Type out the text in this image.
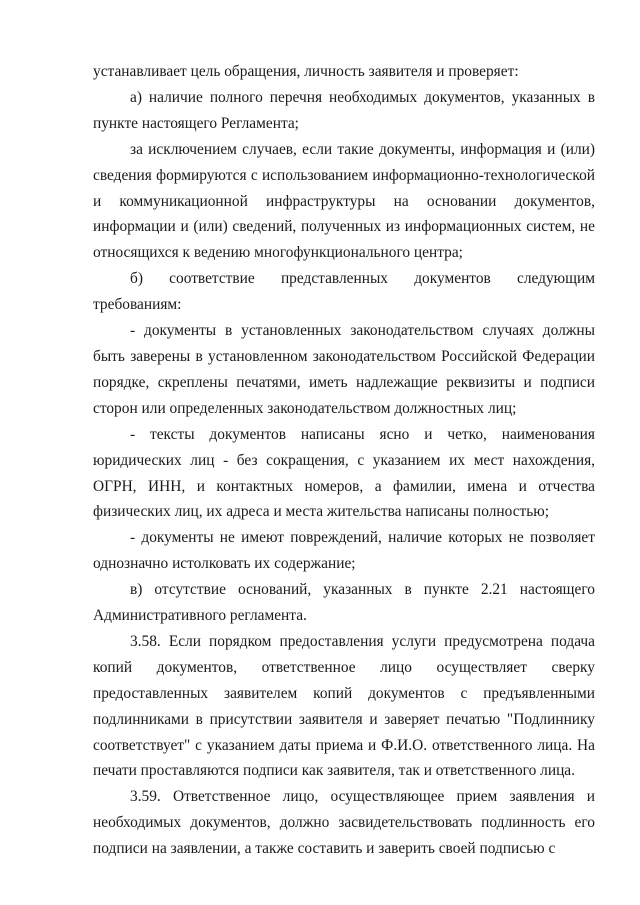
устанавливает цель обращения, личность заявителя и проверяет:

а) наличие полного перечня необходимых документов, указанных в пункте настоящего Регламента;

за исключением случаев, если такие документы, информация и (или) сведения формируются с использованием информационно-технологической и коммуникационной инфраструктуры на основании документов, информации и (или) сведений, полученных из информационных систем, не относящихся к ведению многофункционального центра;

б) соответствие представленных документов следующим требованиям:

- документы в установленных законодательством случаях должны быть заверены в установленном законодательством Российской Федерации порядке, скреплены печатями, иметь надлежащие реквизиты и подписи сторон или определенных законодательством должностных лиц;

- тексты документов написаны ясно и четко, наименования юридических лиц - без сокращения, с указанием их мест нахождения, ОГРН, ИНН, и контактных номеров, а фамилии, имена и отчества физических лиц, их адреса и места жительства написаны полностью;

- документы не имеют повреждений, наличие которых не позволяет однозначно истолковать их содержание;

в) отсутствие оснований, указанных в пункте 2.21 настоящего Административного регламента.

3.58. Если порядком предоставления услуги предусмотрена подача копий документов, ответственное лицо осуществляет сверку предоставленных заявителем копий документов с предъявленными подлинниками в присутствии заявителя и заверяет печатью "Подлиннику соответствует" с указанием даты приема и Ф.И.О. ответственного лица. На печати проставляются подписи как заявителя, так и ответственного лица.

3.59. Ответственное лицо, осуществляющее прием заявления и необходимых документов, должно засвидетельствовать подлинность его подписи на заявлении, а также составить и заверить своей подписью с
